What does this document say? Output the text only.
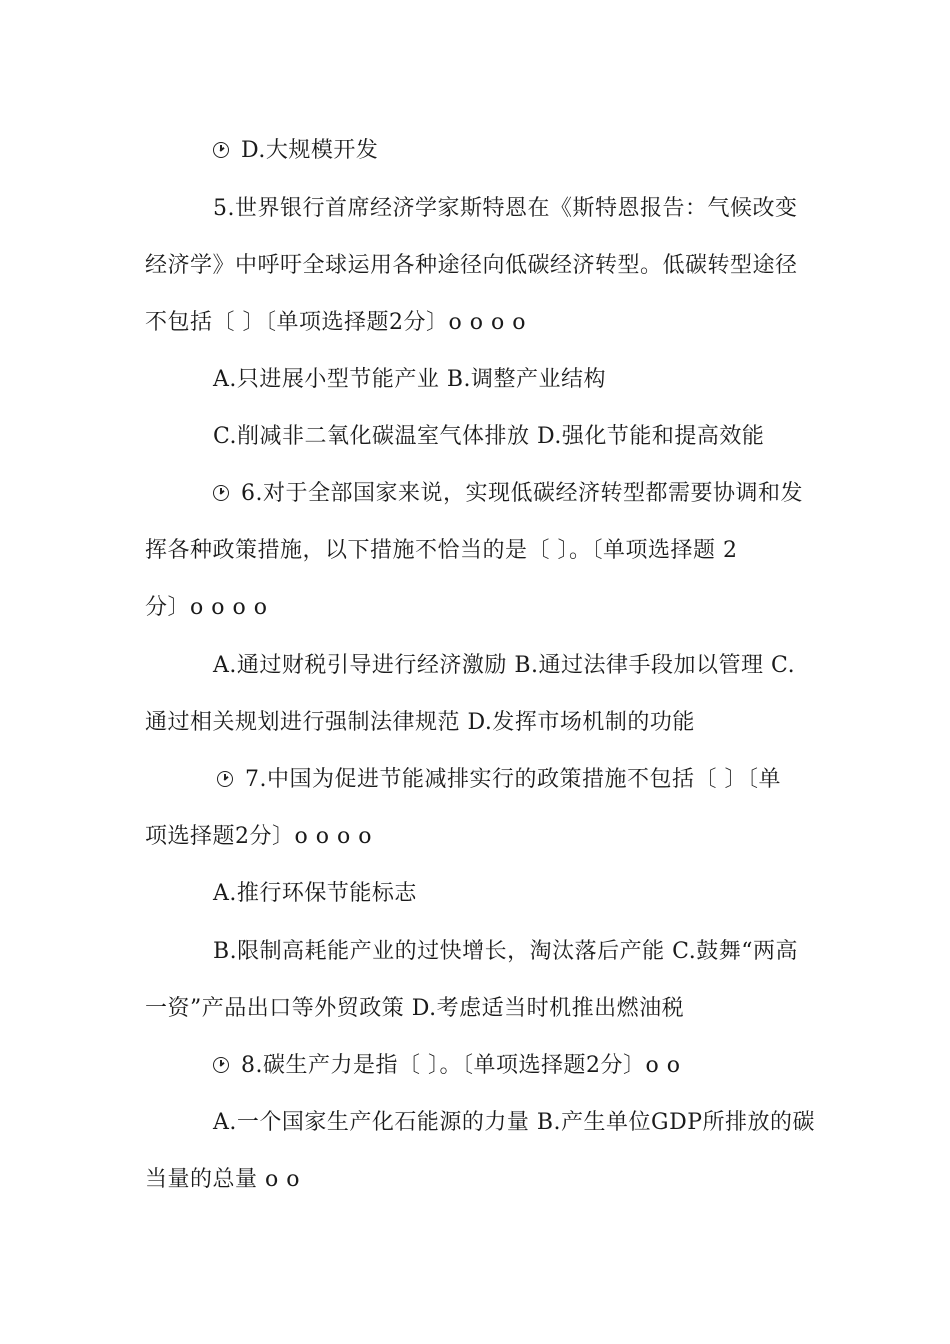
D.大规模开发
5.世界银行首席经济学家斯特恩在《斯特恩报告：气候改变
经济学》中呼吁全球运用各种途径向低碳经济转型。低碳转型途径
不包括〔 〕〔单项选择题2分〕o o o o
A.只进展小型节能产业 B.调整产业结构
C.削减非二氧化碳温室气体排放 D.强化节能和提高效能
6.对于全部国家来说，实现低碳经济转型都需要协调和发
挥各种政策措施，以下措施不恰当的是〔 〕。〔单项选择题 2
分〕o o o o
A.通过财税引导进行经济激励 B.通过法律手段加以管理 C.
通过相关规划进行强制法律规范 D.发挥市场机制的功能
7.中国为促进节能减排实行的政策措施不包括〔 〕〔单
项选择题2分〕o o o o
A.推行环保节能标志
B.限制高耗能产业的过快增长，淘汰落后产能 C.鼓舞“两高
一资”产品出口等外贸政策 D.考虑适当时机推出燃油税
8.碳生产力是指〔 〕。〔单项选择题2分〕o o
A.一个国家生产化石能源的力量 B.产生单位GDP所排放的碳
当量的总量 o o
